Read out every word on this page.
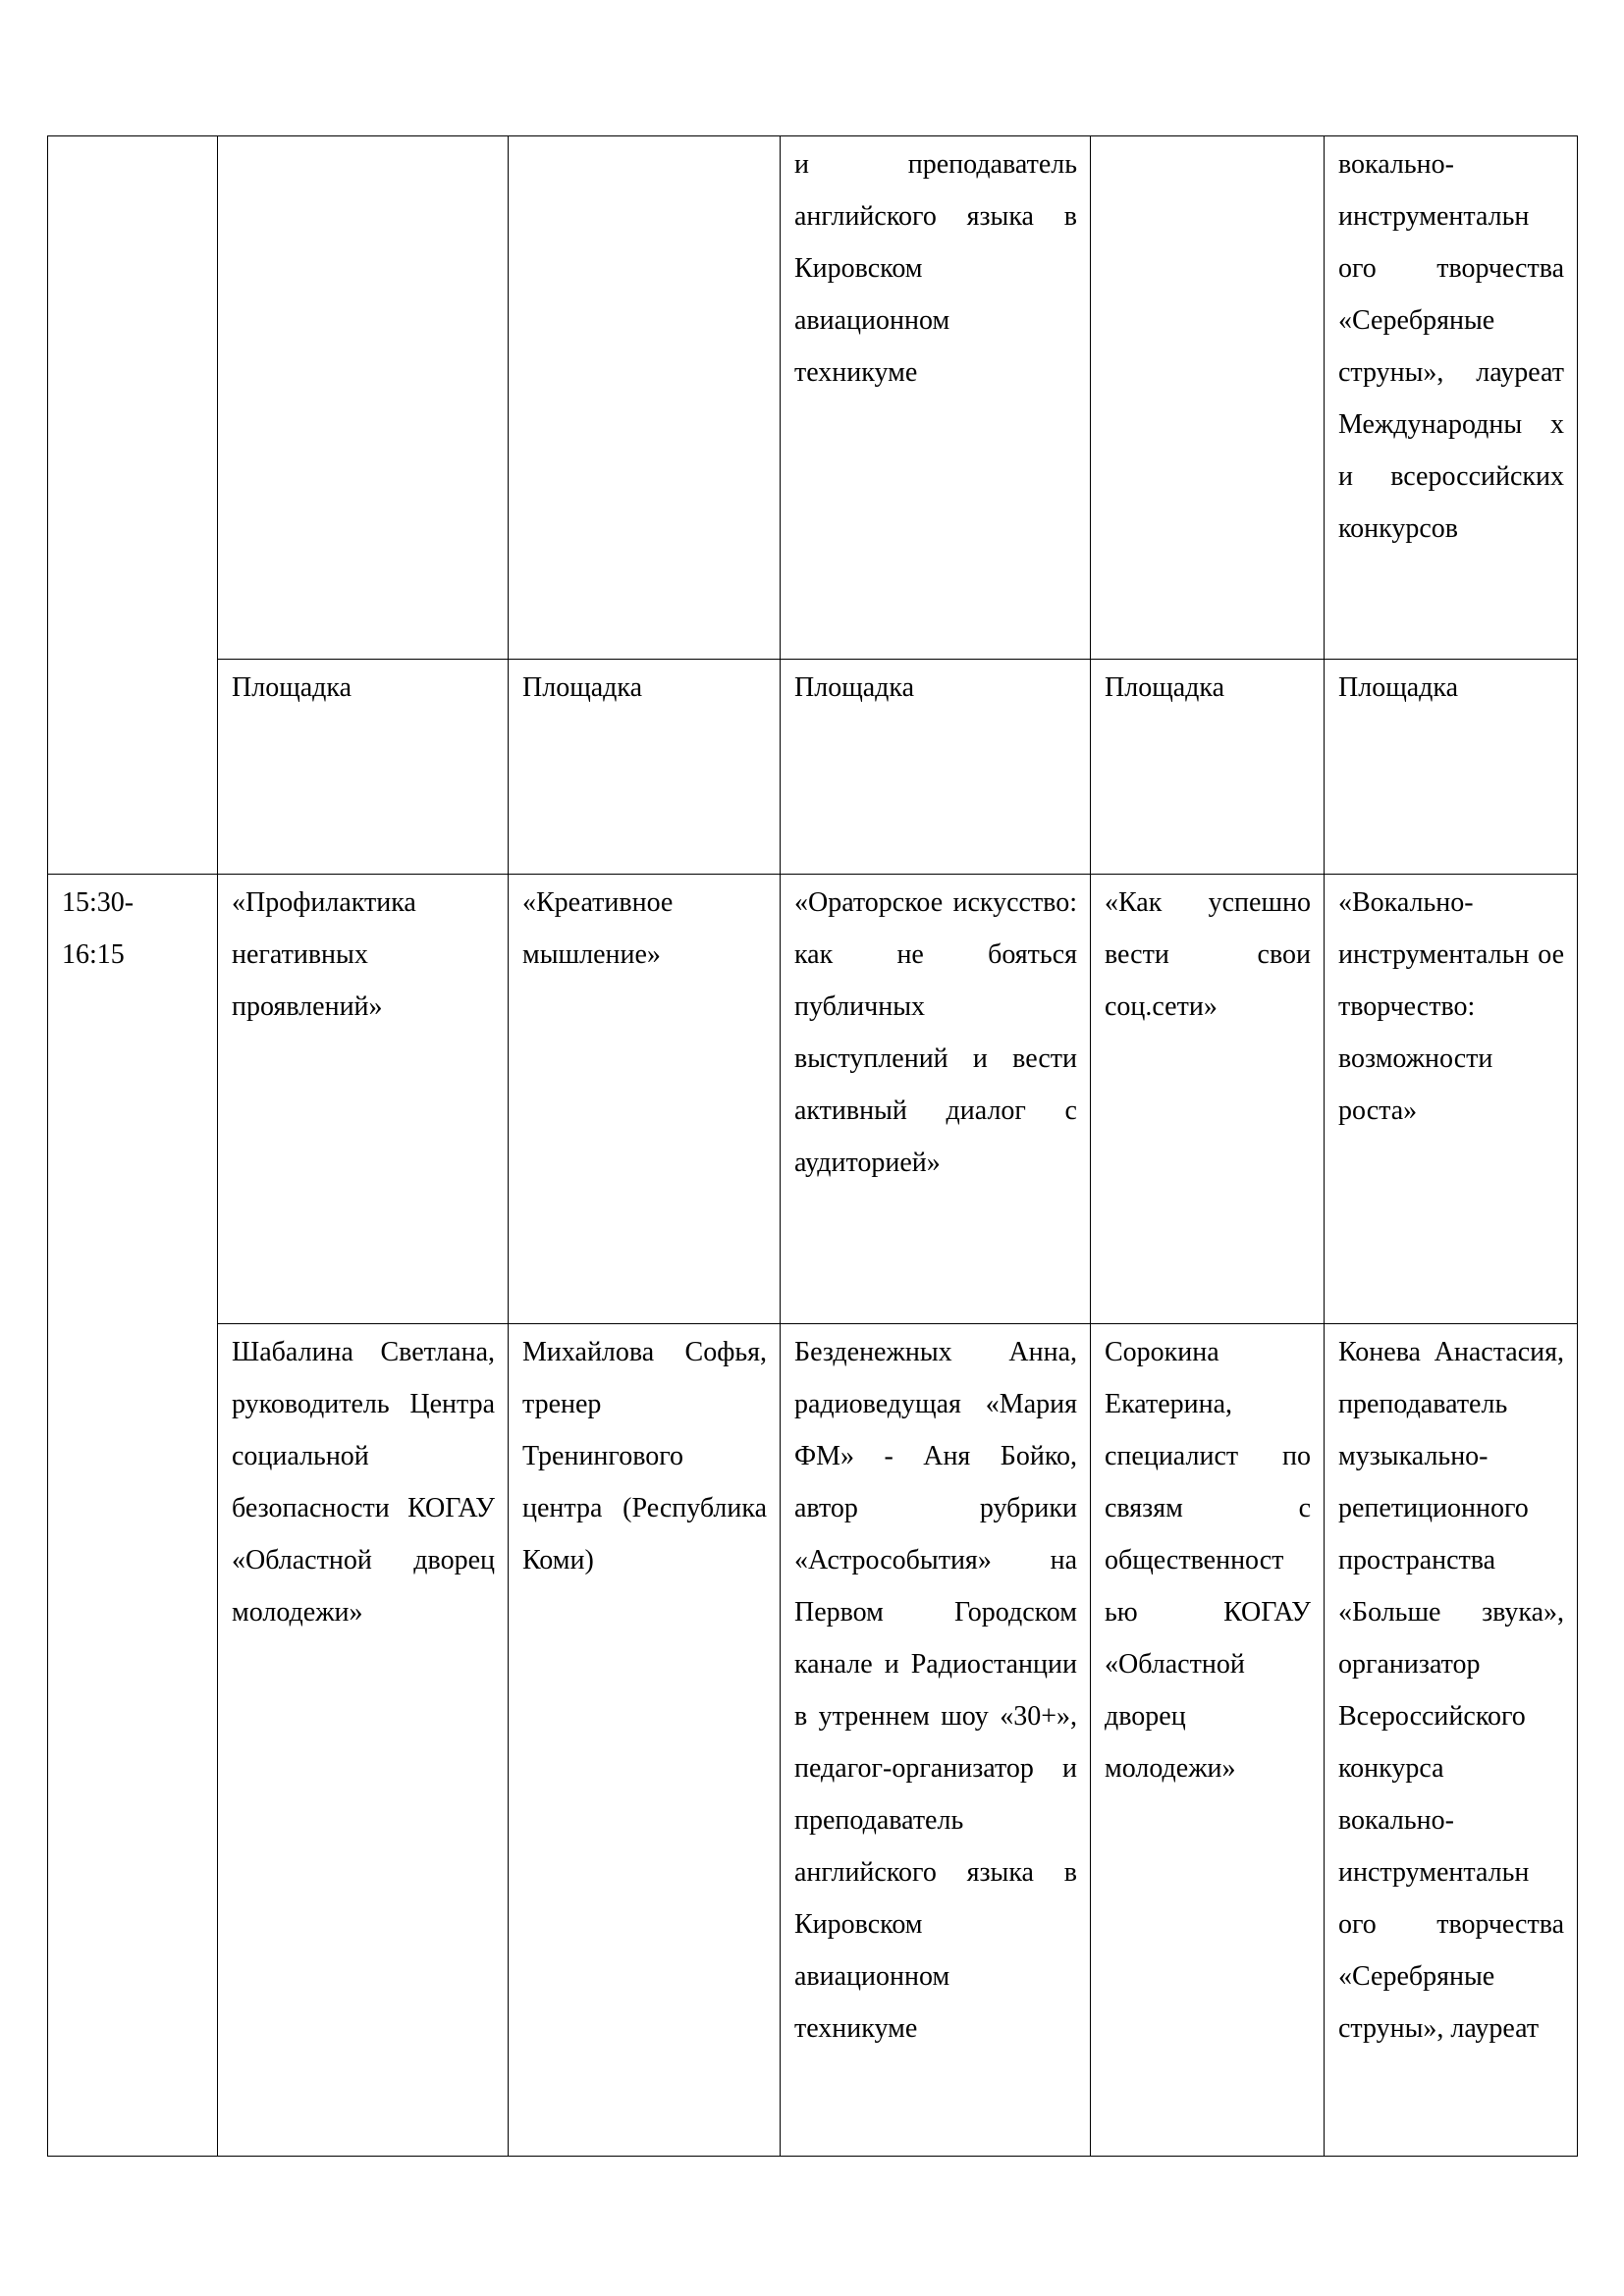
			и преподаватель английского языка в Кировском авиационном техникуме		вокально-инструментальн ого творчества «Серебряные струны», лауреат Международны х и всероссийских конкурсов

	Площадка	Площадка	Площадка	Площадка	Площадка

15:30-
16:15	«Профилактика негативных проявлений»	«Креативное мышление»	«Ораторское искусство: как не бояться публичных выступлений и вести активный диалог с аудиторией»	«Как успешно вести свои соц.сети»	«Вокально-инструментальн ое творчество: возможности роста»

	Шабалина Светлана, руководитель Центра социальной безопасности КОГАУ «Областной дворец молодежи»	Михайлова Софья, тренер Тренингового центра (Республика Коми)	Безденежных Анна, радиоведущая «Мария ФМ» - Аня Бойко, автор рубрики «Астрособытия» на Первом Городском канале и Радиостанции в утреннем шоу «30+», педагог-организатор и преподаватель английского языка в Кировском авиационном техникуме	Сорокина Екатерина, специалист по связям с общественност ью КОГАУ «Областной дворец молодежи»	Конева Анастасия, преподаватель музыкально-репетиционного пространства «Больше звука», организатор Всероссийского конкурса вокально-инструментальн ого творчества «Серебряные струны», лауреат
